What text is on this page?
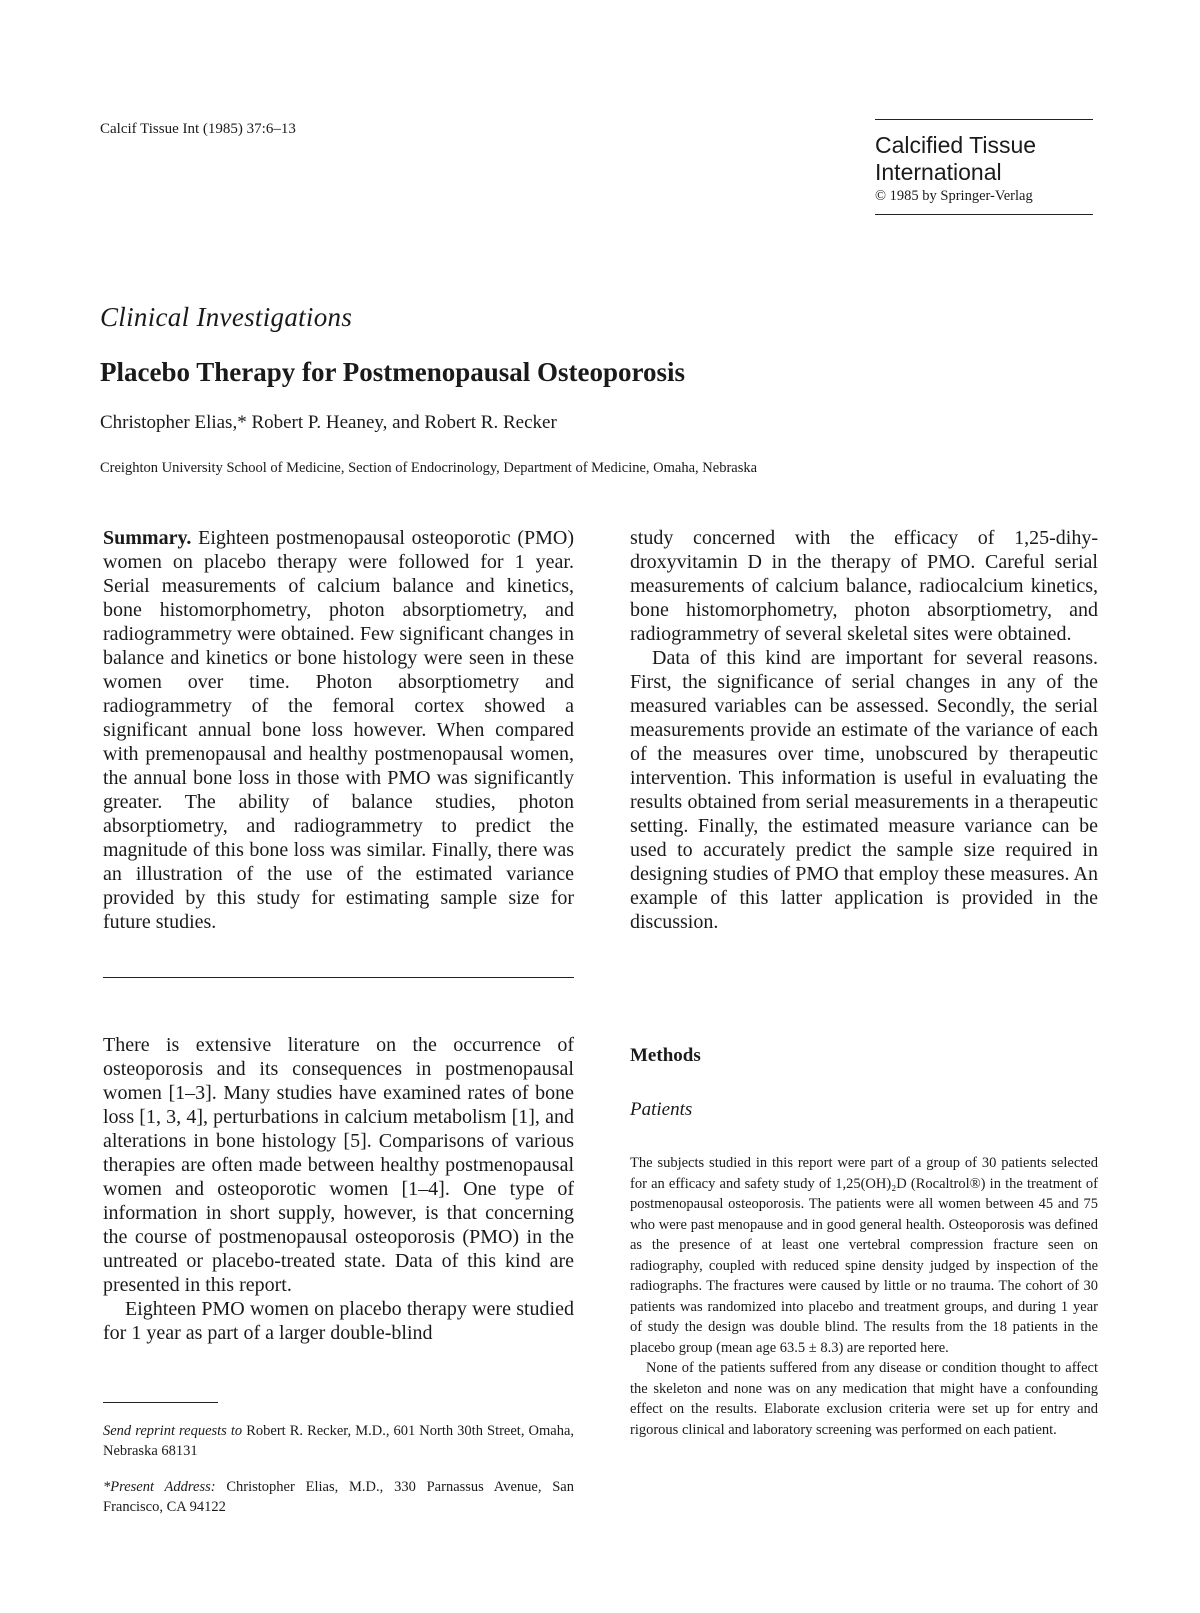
Calcif Tissue Int (1985) 37:6–13
Calcified Tissue
International
© 1985 by Springer-Verlag
Clinical Investigations
Placebo Therapy for Postmenopausal Osteoporosis
Christopher Elias,* Robert P. Heaney, and Robert R. Recker
Creighton University School of Medicine, Section of Endocrinology, Department of Medicine, Omaha, Nebraska

Summary. Eighteen postmenopausal osteoporotic (PMO) women on placebo therapy were followed for 1 year. Serial measurements of calcium balance and kinetics, bone histomorphometry, photon absorptiometry, and radiogrammetry were obtained. Few significant changes in balance and kinetics or bone histology were seen in these women over time. Photon absorptiometry and radiogrammetry of the femoral cortex showed a significant annual bone loss however. When compared with premenopausal and healthy postmenopausal women, the annual bone loss in those with PMO was significantly greater. The ability of balance studies, photon absorptiometry, and radiogrammetry to predict the magnitude of this bone loss was similar. Finally, there was an illustration of the use of the estimated variance provided by this study for estimating sample size for future studies.

There is extensive literature on the occurrence of osteoporosis and its consequences in postmenopausal women [1–3]. Many studies have examined rates of bone loss [1, 3, 4], perturbations in calcium metabolism [1], and alterations in bone histology [5]. Comparisons of various therapies are often made between healthy postmenopausal women and osteoporotic women [1–4]. One type of information in short supply, however, is that concerning the course of postmenopausal osteoporosis (PMO) in the untreated or placebo-treated state. Data of this kind are presented in this report.

Eighteen PMO women on placebo therapy were studied for 1 year as part of a larger double-blind

Send reprint requests to Robert R. Recker, M.D., 601 North 30th Street, Omaha, Nebraska 68131

*Present Address: Christopher Elias, M.D., 330 Parnassus Avenue, San Francisco, CA 94122

study concerned with the efficacy of 1,25-dihydroxyvitamin D in the therapy of PMO. Careful serial measurements of calcium balance, radiocalcium kinetics, bone histomorphometry, photon absorptiometry, and radiogrammetry of several skeletal sites were obtained.

Data of this kind are important for several reasons. First, the significance of serial changes in any of the measured variables can be assessed. Secondly, the serial measurements provide an estimate of the variance of each of the measures over time, unobscured by therapeutic intervention. This information is useful in evaluating the results obtained from serial measurements in a therapeutic setting. Finally, the estimated measure variance can be used to accurately predict the sample size required in designing studies of PMO that employ these measures. An example of this latter application is provided in the discussion.

Methods
Patients

The subjects studied in this report were part of a group of 30 patients selected for an efficacy and safety study of 1,25(OH)₂D (Rocaltrol®) in the treatment of postmenopausal osteoporosis. The patients were all women between 45 and 75 who were past menopause and in good general health. Osteoporosis was defined as the presence of at least one vertebral compression fracture seen on radiography, coupled with reduced spine density judged by inspection of the radiographs. The fractures were caused by little or no trauma. The cohort of 30 patients was randomized into placebo and treatment groups, and during 1 year of study the design was double blind. The results from the 18 patients in the placebo group (mean age 63.5 ± 8.3) are reported here.

None of the patients suffered from any disease or condition thought to affect the skeleton and none was on any medication that might have a confounding effect on the results. Elaborate exclusion criteria were set up for entry and rigorous clinical and laboratory screening was performed on each patient.
